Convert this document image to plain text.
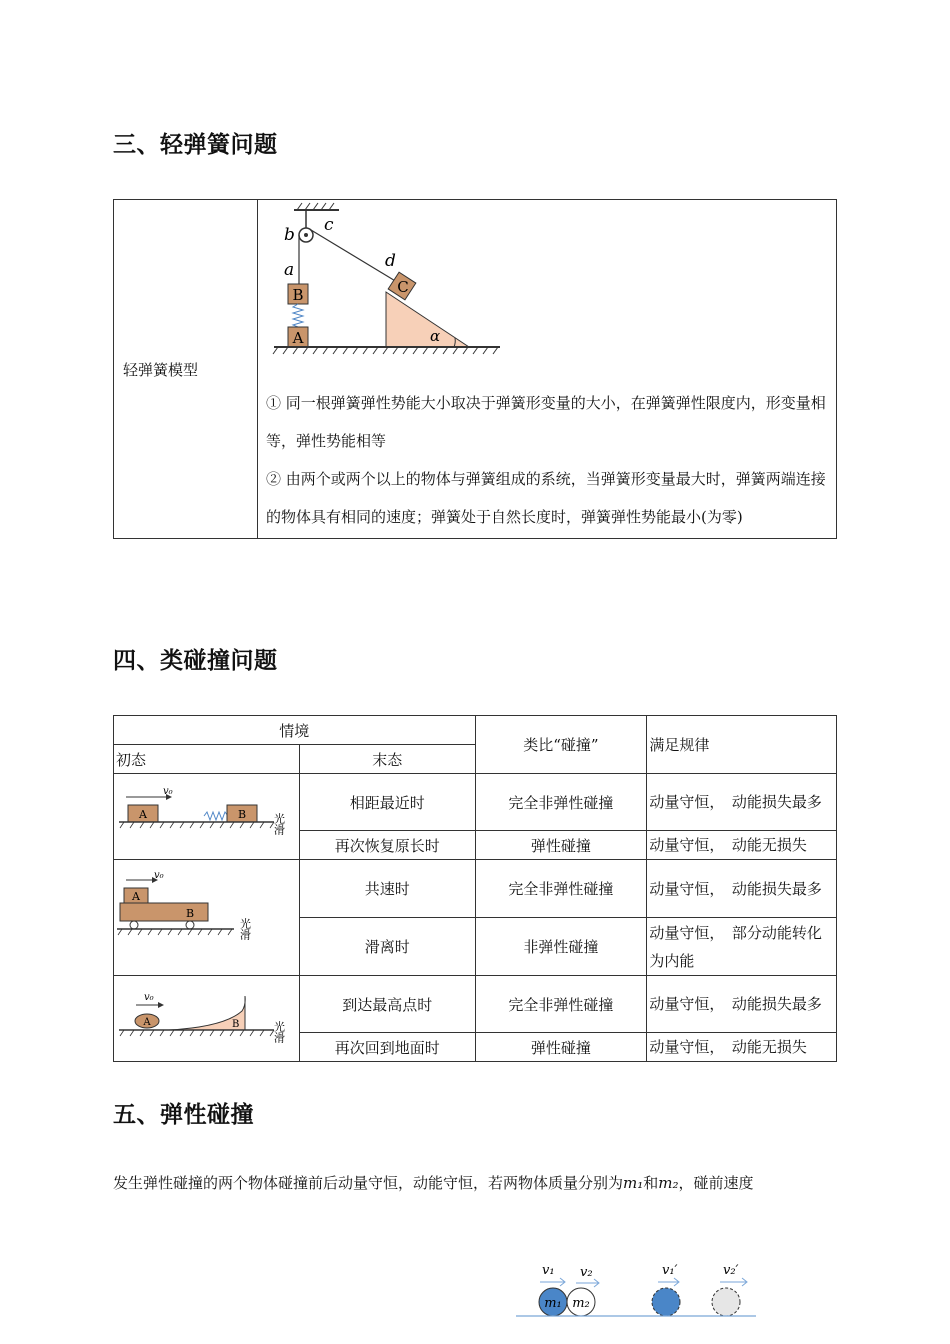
三、轻弹簧问题
轻弹簧模型	
B
A
C
α
b c
a	d
① 同一根弹簧弹性势能大小取决于弹簧形变量的大小，在弹簧弹性限度内，形变量相等，弹性势能相等
② 由两个或两个以上的物体与弹簧组成的系统，当弹簧形变量最大时，弹簧两端连接的物体具有相同的速度；弹簧处于自然长度时，弹簧弹性势能最小(为零)
四、类碰撞问题
情境		类比“碰撞”	满足规律
初态	末态		

v₀
A B 光滑	相距最近时	完全非弹性碰撞	动量守恒，　动能损失最多
	再次恢复原长时	弹性碰撞	动量守恒，　动能无损失

v₀
A
B
光滑	共速时	完全非弹性碰撞	动量守恒，　动能损失最多
	滑离时	非弹性碰撞	动量守恒，　部分动能转化为内能

v₀
A B 光滑	到达最高点时	完全非弹性碰撞	动量守恒，　动能损失最多
	再次回到地面时	弹性碰撞	动量守恒，　动能无损失
五、弹性碰撞
发生弹性碰撞的两个物体碰撞前后动量守恒，动能守恒，若两物体质量分别为m₁和m₂，碰前速度
v₁ v₂
m₁ m₂
v₁′	v₂′
